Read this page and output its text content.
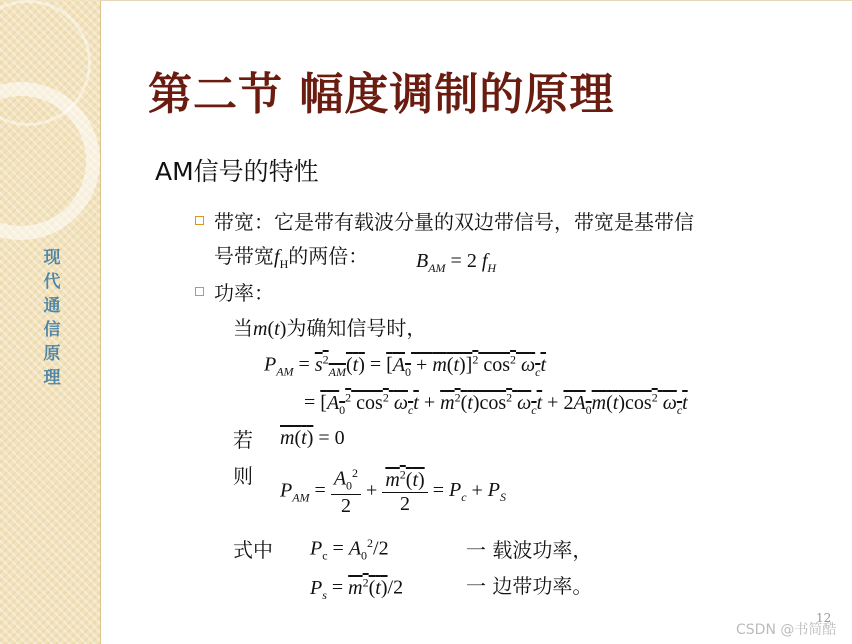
现
代
通
信
原
理
第二节 幅度调制的原理
AM信号的特性
带宽：它是带有载波分量的双边带信号，带宽是基带信
号带宽$f_H$的两倍： $B_{AM} = 2$ $f_H$
功率：
当m(t)为确知信号时，
$P_{AM} = s^2_{AM}(t) = [A_0 + m(t)]^2$ $\cos^2 \omega_ct$
= [$A_0^2$ $\cos^2 \omega_ct + m^2(t)\cos^2$ $\omega_ct + 2A_0m(t)\cos^2$ $\omega_ct$
若 m(t) = 0
则
$P_{AM} = \frac{A_0^2}{2} + \frac{m^2(t)}{2} = P_c + P_S$
式中 $P_c = A_0^2/2$	一 载波功率，
$P_s = m^2(t)/2$	一 边带功率。
12
CSDN @书简酷
